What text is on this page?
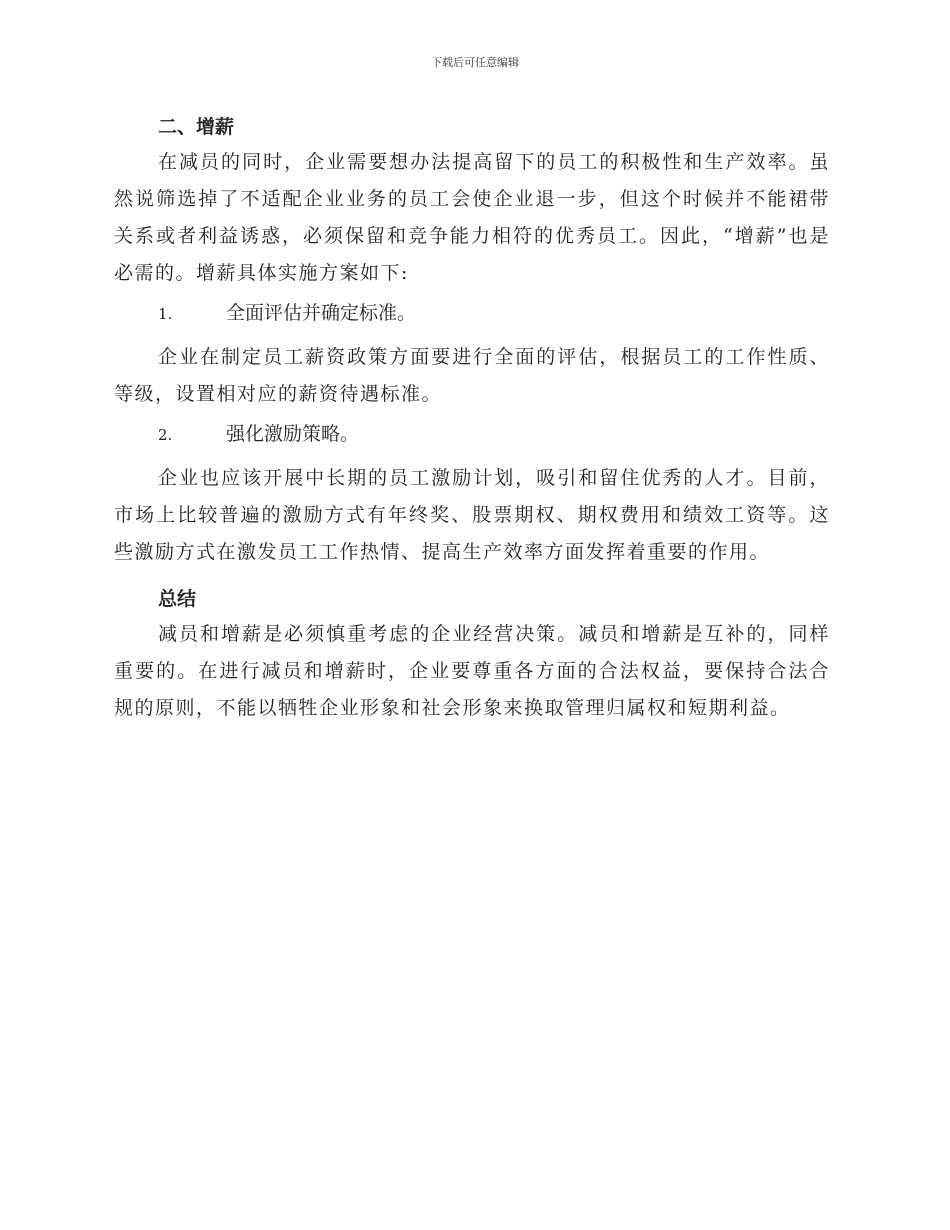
下载后可任意编辑
二、增薪

在减员的同时，企业需要想办法提高留下的员工的积极性和生产效率。虽然说筛选掉了不适配企业业务的员工会使企业退一步，但这个时候并不能裙带关系或者利益诱惑，必须保留和竞争能力相符的优秀员工。因此，“增薪”也是必需的。增薪具体实施方案如下:

1.	全面评估并确定标准。

企业在制定员工薪资政策方面要进行全面的评估，根据员工的工作性质、等级，设置相对应的薪资待遇标准。

2.	强化激励策略。

企业也应该开展中长期的员工激励计划，吸引和留住优秀的人才。目前，市场上比较普遍的激励方式有年终奖、股票期权、期权费用和绩效工资等。这些激励方式在激发员工工作热情、提高生产效率方面发挥着重要的作用。

总结

减员和增薪是必须慎重考虑的企业经营决策。减员和增薪是互补的，同样重要的。在进行减员和增薪时，企业要尊重各方面的合法权益，要保持合法合规的原则，不能以牺牲企业形象和社会形象来换取管理归属权和短期利益。
